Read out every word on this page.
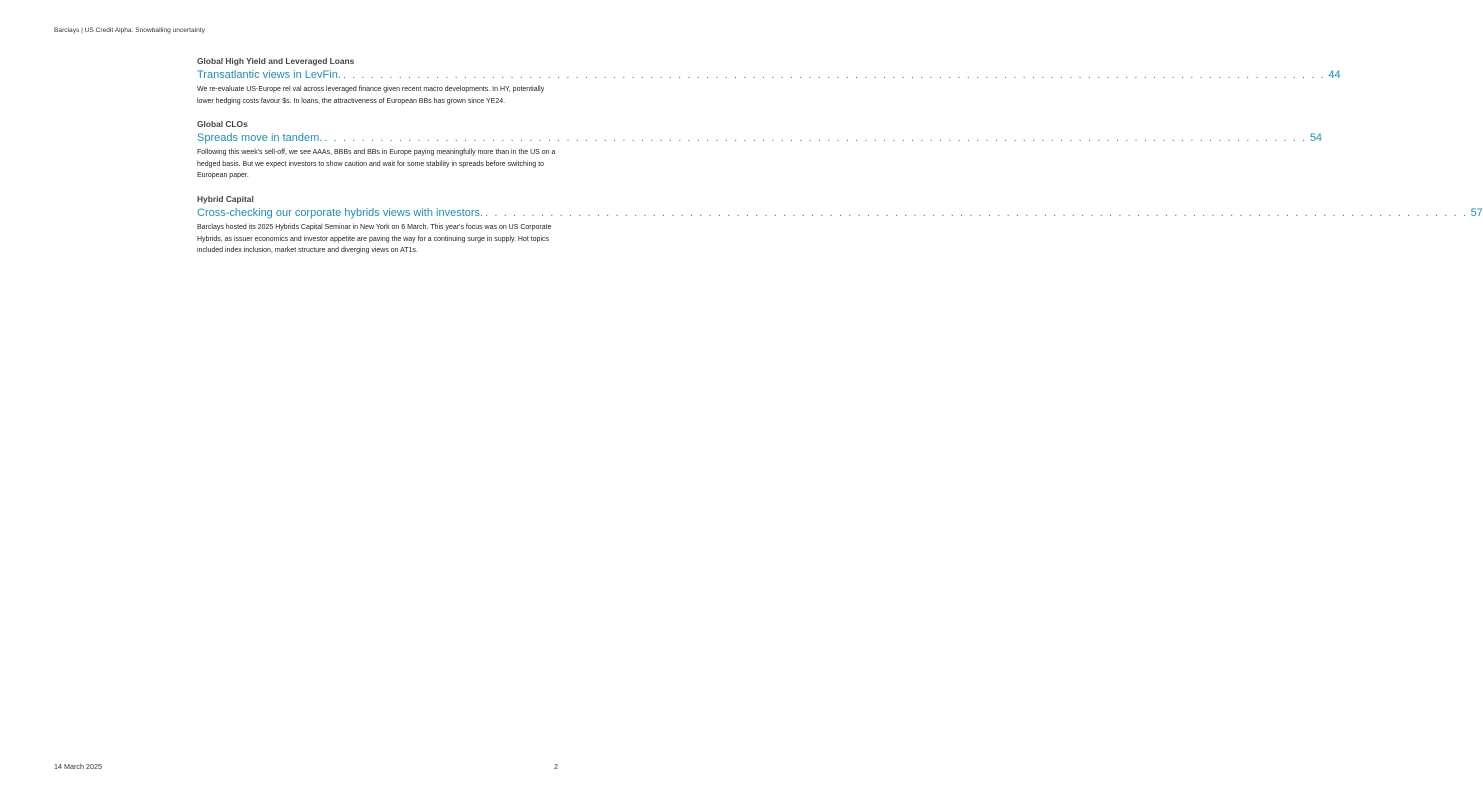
Barclays | US Credit Alpha: Snowballing uncertainty
Global High Yield and Leveraged Loans
Transatlantic views in LevFin. . . . . . . . . . . . . . . . . . . . . . . . . . . . . . . . . . . . . . . . . . . . . . . . . . . . . . . . . . . . . . . . . . . . . . . . . . . . . . . . . . . . . . . . . . . . . . . . . . . . . . . . . . . 44
We re-evaluate US-Europe rel val across leveraged finance given recent macro developments. In HY, potentially lower hedging costs favour $s. In loans, the attractiveness of European BBs has grown since YE24.
Global CLOs
Spreads move in tandem. . . . . . . . . . . . . . . . . . . . . . . . . . . . . . . . . . . . . . . . . . . . . . . . . . . . . . . . . . . . . . . . . . . . . . . . . . . . . . . . . . . . . . . . . . . . . . . . . . . . . . . . . . . 54
Following this week's sell-off, we see AAAs, BBBs and BBs in Europe paying meaningfully more than in the US on a hedged basis. But we expect investors to show caution and wait for some stability in spreads before switching to European paper.
Hybrid Capital
Cross-checking our corporate hybrids views with investors. . . . . . . . . . . . . . . . . . . . . . . . . . . . . . . . . . . . . . . . . . . . . . . . . . . . . . . . . . . . . . . . . . . . . . . . . . . . . . . . . . . . . . . . . . . . . . . . . . . . . . . . . . . 57
Barclays hosted its 2025 Hybrids Capital Seminar in New York on 6 March. This year's focus was on US Corporate Hybrids, as issuer economics and investor appetite are paving the way for a continuing surge in supply. Hot topics included index inclusion, market structure and diverging views on AT1s.
14 March 2025	2
